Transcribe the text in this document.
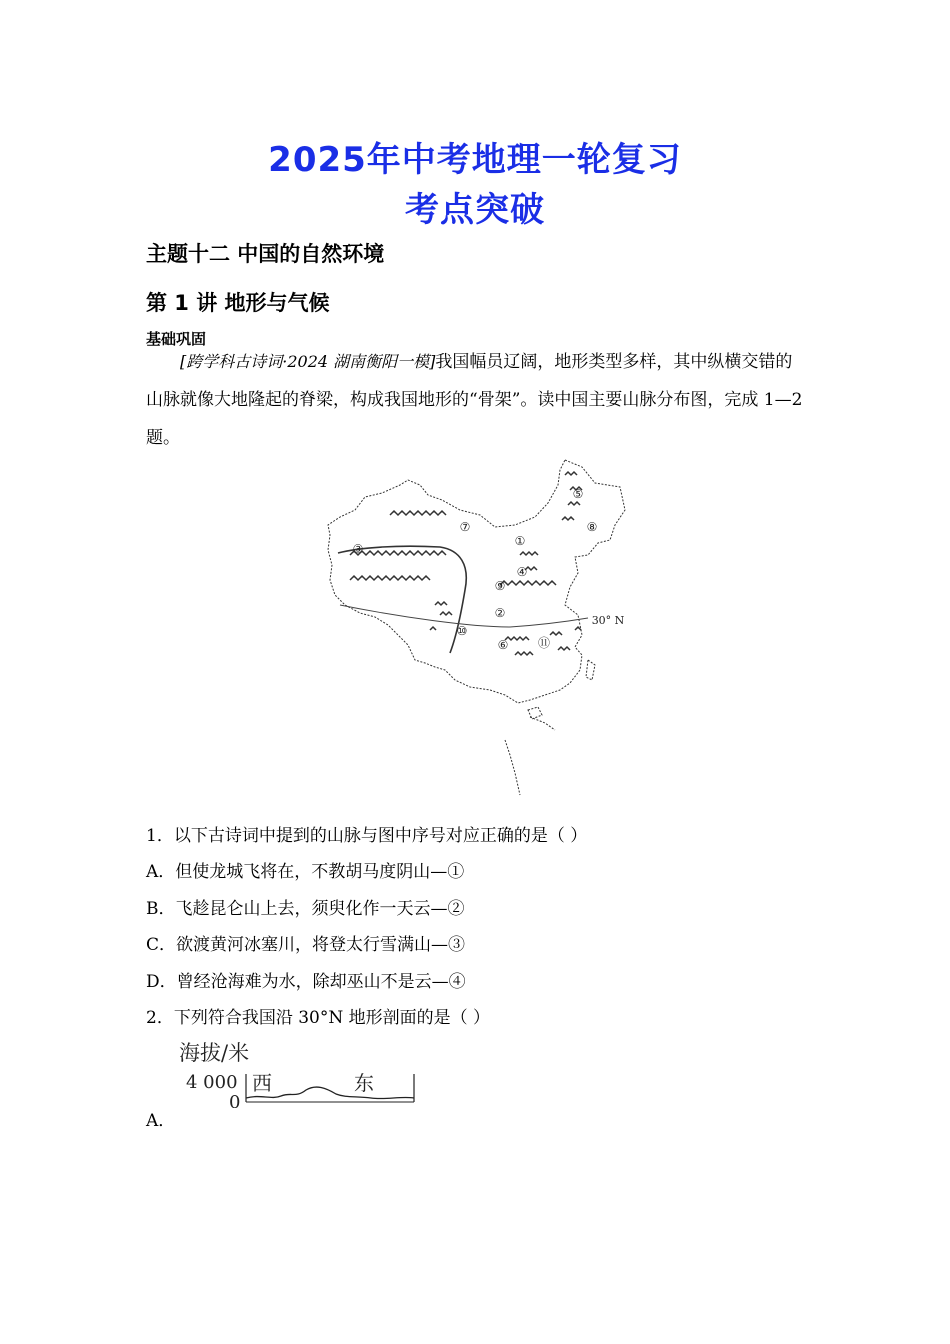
2025年中考地理一轮复习
考点突破
主题十二 中国的自然环境
第 1 讲 地形与气候
基础巩固
[跨学科古诗词·2024 湖南衡阳一模]我国幅员辽阔，地形类型多样，其中纵横交错的山脉就像大地隆起的脊梁，构成我国地形的“骨架”。读中国主要山脉分布图，完成 1—2 题。
①
②
③
④
⑤
⑥
⑦	⑧
⑨
⑩
⑪
30° N
1．以下古诗词中提到的山脉与图中序号对应正确的是（ ）
A．但使龙城飞将在，不教胡马度阴山—①
B．飞趁昆仑山上去，须臾化作一天云—②
C．欲渡黄河冰塞川，将登太行雪满山—③
D．曾经沧海难为水，除却巫山不是云—④
2．下列符合我国沿 30°N 地形剖面的是（ ）
海拔/米
4 000
0
西	东
A．
